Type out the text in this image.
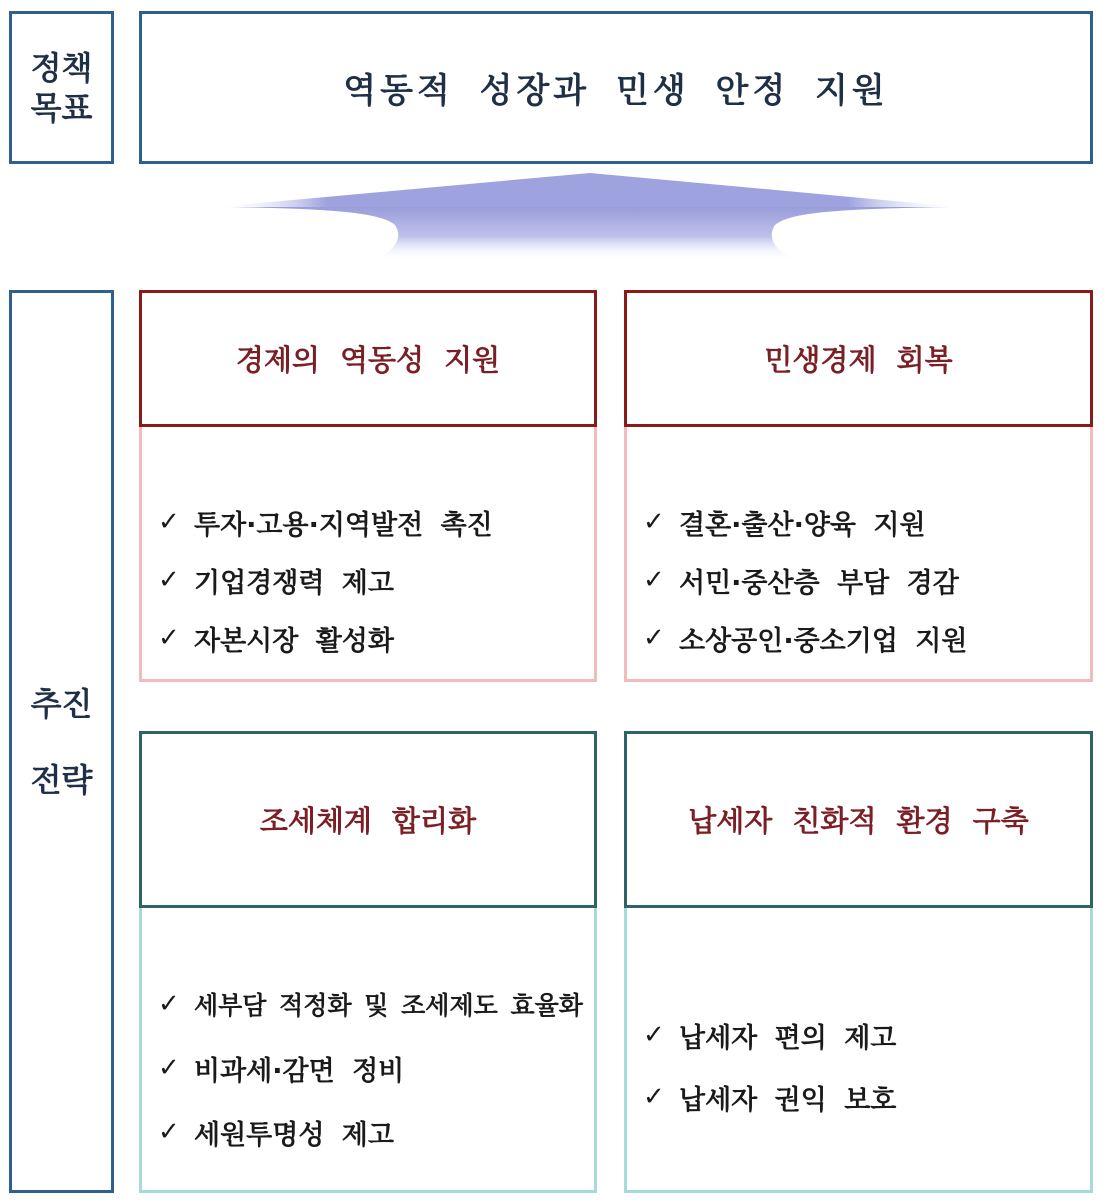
정책
목표	역동적 성장과 민생 안정 지원
추진
전략
경제의 역동성 지원
✓ 투자·고용·지역발전 촉진
✓ 기업경쟁력 제고
✓ 자본시장 활성화
민생경제 회복
✓ 결혼·출산·양육 지원
✓ 서민·중산층 부담 경감
✓ 소상공인·중소기업 지원
조세체계 합리화
✓ 세부담 적정화 및 조세제도 효율화
✓ 비과세·감면 정비
✓ 세원투명성 제고
납세자 친화적 환경 구축
✓ 납세자 편의 제고
✓ 납세자 권익 보호
